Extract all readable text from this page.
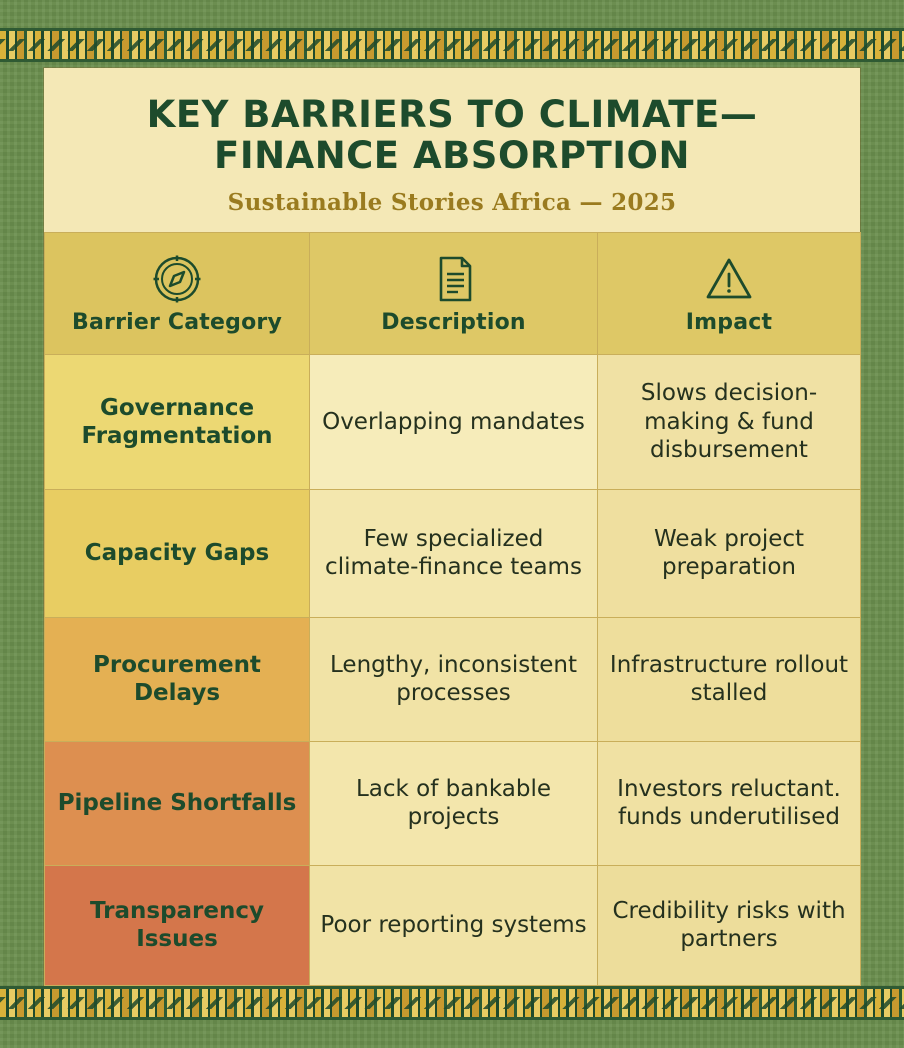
KEY BARRIERS TO CLIMATE—FINANCE ABSORPTION

Sustainable Stories Africa — 2025

Barrier Category	Description	Impact

Governance Fragmentation	Overlapping mandates	Slows decision-making & fund disbursement
Capacity Gaps	Few specialized climate-finance teams	Weak project preparation
Procurement Delays	Lengthy, inconsistent processes	Infrastructure rollout stalled
Pipeline Shortfalls	Lack of bankable projects	Investors reluctant. funds underutilised
Transparency Issues	Poor reporting systems	Credibility risks with partners
